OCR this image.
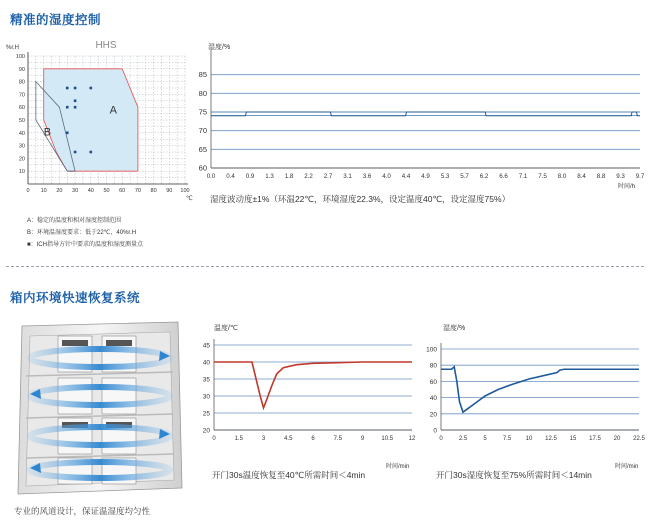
精准的湿度控制
0 10 20 30 40 50 60 70 80 90 100
10
20
30
40
50
60
70
80
90
100
HHS
%r.H
℃
A
B
A：稳定的温度和相对湿度控制范围
B：环境温湿度要求：低于22℃，40%r.H
■：ICH指导方针中要求的温度和湿度测量点
60
65
70
75
80
85
0.0 0.4 0.9 1.3 1.8 2.2 2.7 3.1 3.6 4.0 4.4 4.9 5.3 5.7 6.2 6.6 7.1 7.5 8.0 8.4 8.8 9.3 9.7
湿度/%
时间/h
湿度波动度±1%（环温22℃，环境湿度22.3%，设定温度40℃，设定湿度75%）
箱内环境快速恢复系统
专业的风道设计，保证温湿度均匀性
20
25
30
35
40
45
0	1.5	3	4.5	6	7.5	9	10.5	12
温度/℃
时间/min
开门30s温度恢复至40℃所需时间＜4min
0
20
40
60
80
100
0	2.5	5	7.5 10 12.5 15 17.5 20 22.5
湿度/%
时间/min
开门30s湿度恢复至75%所需时间＜14min
